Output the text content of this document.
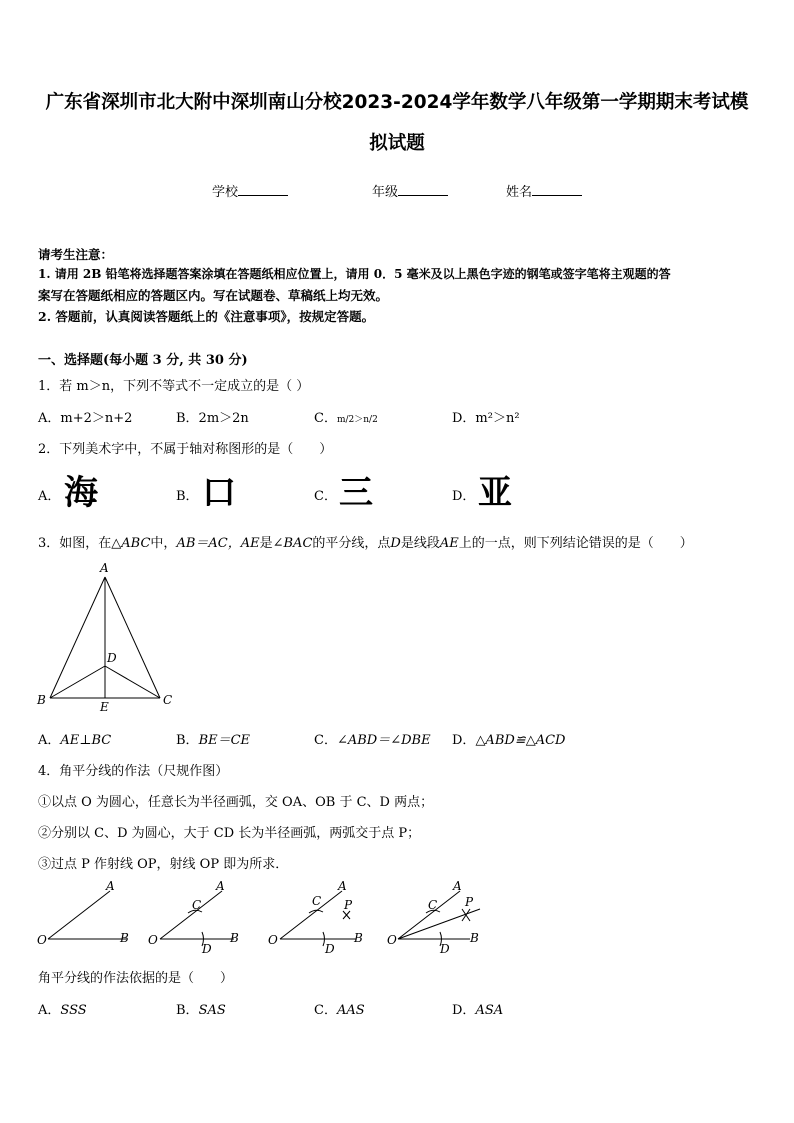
广东省深圳市北大附中深圳南山分校2023-2024学年数学八年级第一学期期末考试模
拟试题
学校	年级	姓名
请考生注意：
1. 请用 2B 铅笔将选择题答案涂填在答题纸相应位置上，请用 0．5 毫米及以上黑色字迹的钢笔或签字笔将主观题的答
案写在答题纸相应的答题区内。写在试题卷、草稿纸上均无效。
2. 答题前，认真阅读答题纸上的《注意事项》，按规定答题。
一、选择题(每小题 3 分, 共 30 分)
1．若 m＞n，下列不等式不一定成立的是（ ）
A．m+2＞n+2	B．2m＞2n	C．m/2＞n/2	D．m²＞n²
2．下列美术字中，不属于轴对称图形的是（　　）
A． 海	B． 口	C． 三	D． 亚
3．如图，在△ABC中，AB＝AC，AE是∠BAC的平分线，点D是线段AE上的一点，则下列结论错误的是（　　）
A
D
B	C
E
A．AE⊥BC	B．BE＝CE	C．∠ABD＝∠DBE D．△ABD≌△ACD
4．角平分线的作法（尺规作图）
①以点 O 为圆心，任意长为半径画弧，交 OA、OB 于 C、D 两点；
②分别以 C、D 为圆心，大于 CD 长为半径画弧，两弧交于点 P；
③过点 P 作射线 OP，射线 OP 即为所求．
O
A
B O
A
B
C
D
O
A
B
C P
D
O
A
B
C P
D
角平分线的作法依据的是（　　）
A．SSS	B．SAS	C．AAS	D．ASA
